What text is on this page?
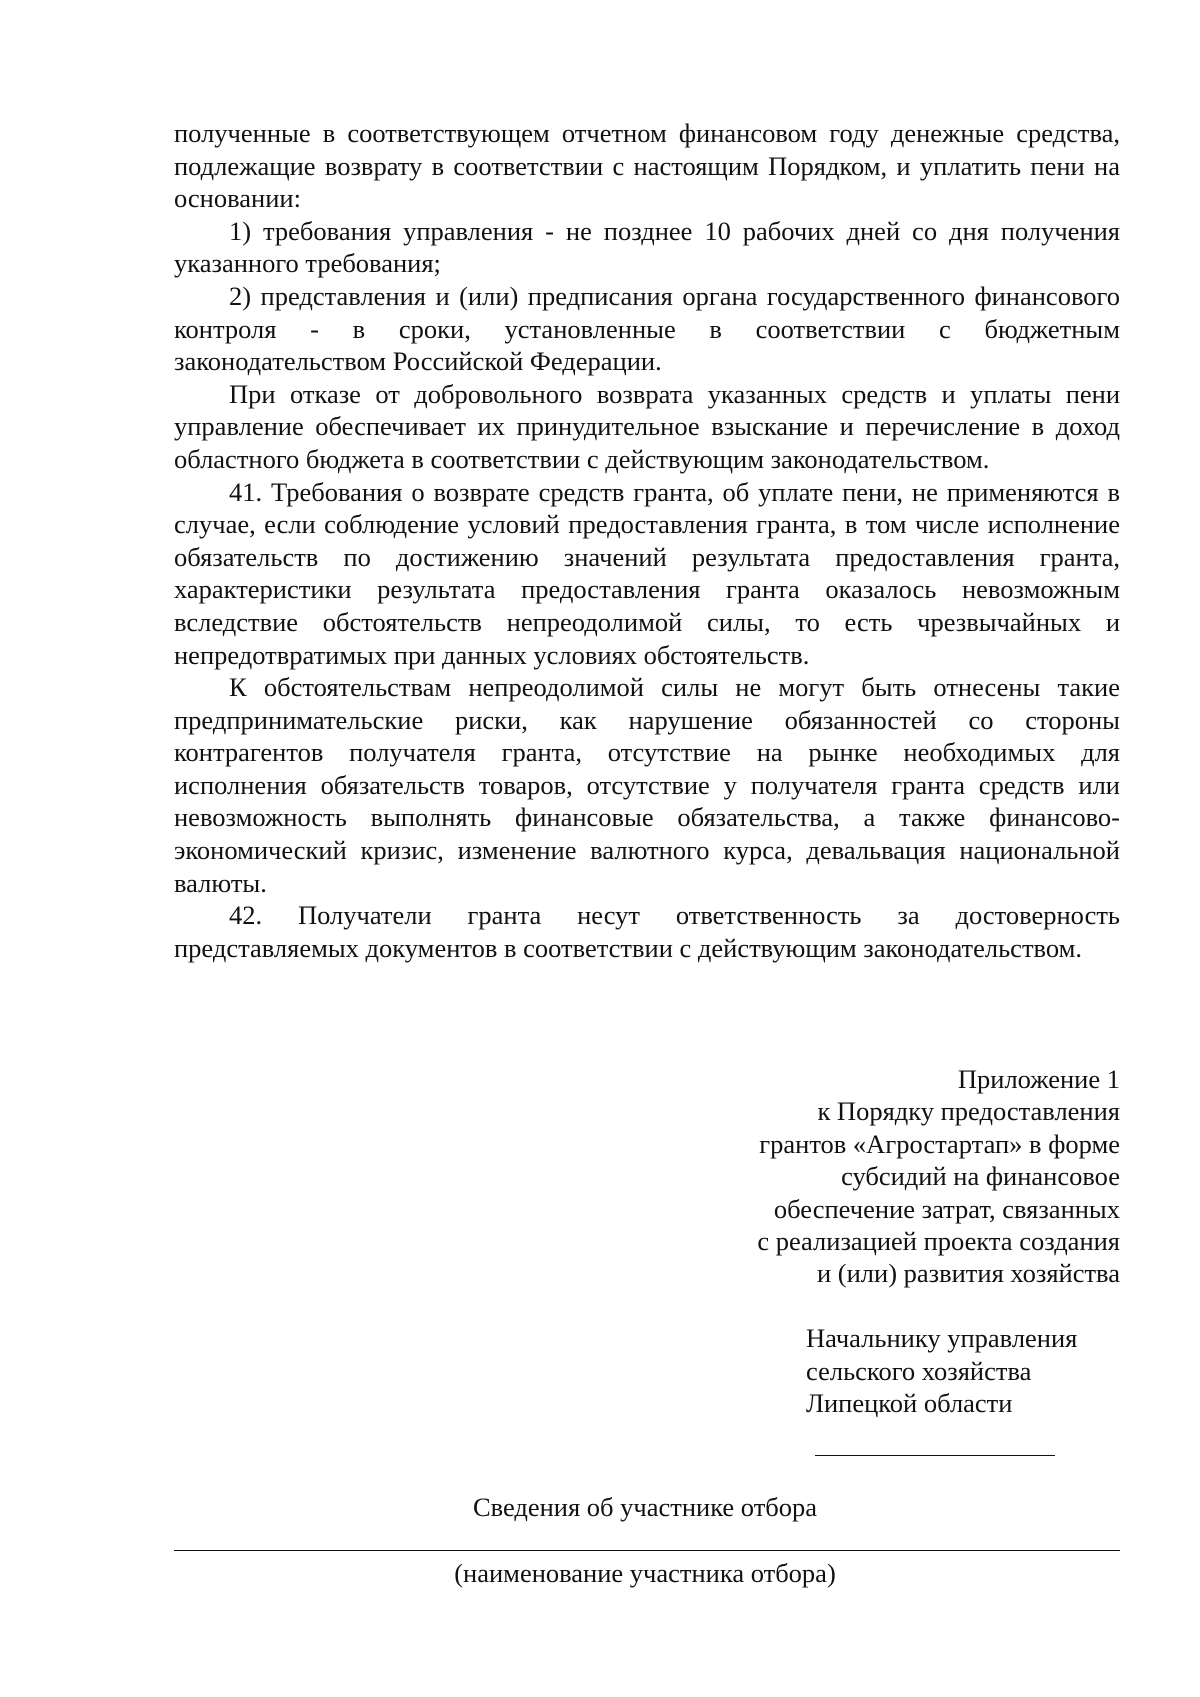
полученные в соответствующем отчетном финансовом году денежные средства, подлежащие возврату в соответствии с настоящим Порядком, и уплатить пени на основании:

1) требования управления - не позднее 10 рабочих дней со дня получения указанного требования;

2) представления и (или) предписания органа государственного финансового контроля - в сроки, установленные в соответствии с бюджетным законодательством Российской Федерации.

При отказе от добровольного возврата указанных средств и уплаты пени управление обеспечивает их принудительное взыскание и перечисление в доход областного бюджета в соответствии с действующим законодательством.

41. Требования о возврате средств гранта, об уплате пени, не применяются в случае, если соблюдение условий предоставления гранта, в том числе исполнение обязательств по достижению значений результата предоставления гранта, характеристики результата предоставления гранта оказалось невозможным вследствие обстоятельств непреодолимой силы, то есть чрезвычайных и непредотвратимых при данных условиях обстоятельств.

К обстоятельствам непреодолимой силы не могут быть отнесены такие предпринимательские риски, как нарушение обязанностей со стороны контрагентов получателя гранта, отсутствие на рынке необходимых для исполнения обязательств товаров, отсутствие у получателя гранта средств или невозможность выполнять финансовые обязательства, а также финансово-экономический кризис, изменение валютного курса, девальвация национальной валюты.

42. Получатели гранта несут ответственность за достоверность представляемых документов в соответствии с действующим законодательством.

Приложение 1
к Порядку предоставления
грантов «Агростартап» в форме
субсидий на финансовое
обеспечение затрат, связанных
с реализацией проекта создания
и (или) развития хозяйства
Начальнику управления
сельского хозяйства
Липецкой области
Сведения об участнике отбора
(наименование участника отбора)
